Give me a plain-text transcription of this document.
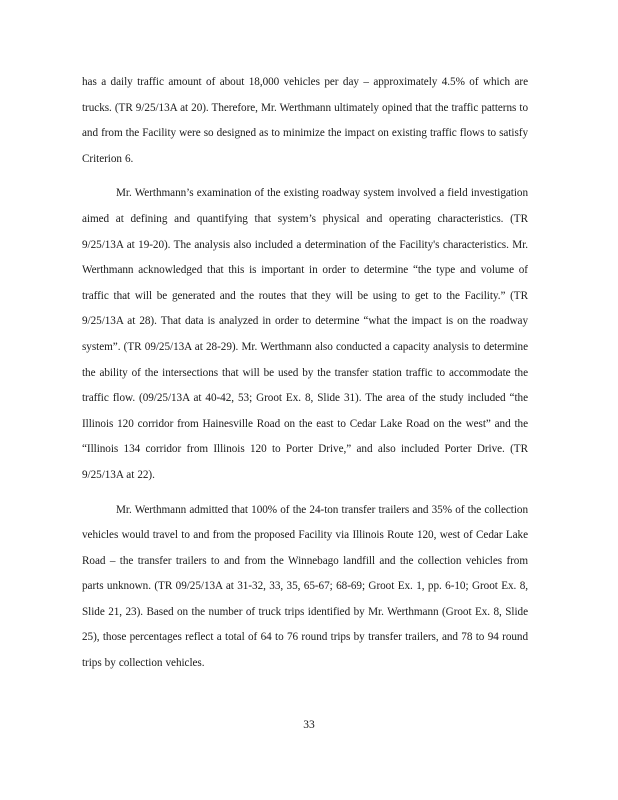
has a daily traffic amount of about 18,000 vehicles per day – approximately 4.5% of which are trucks. (TR 9/25/13A at 20). Therefore, Mr. Werthmann ultimately opined that the traffic patterns to and from the Facility were so designed as to minimize the impact on existing traffic flows to satisfy Criterion 6.

Mr. Werthmann’s examination of the existing roadway system involved a field investigation aimed at defining and quantifying that system’s physical and operating characteristics. (TR 9/25/13A at 19-20). The analysis also included a determination of the Facility's characteristics. Mr. Werthmann acknowledged that this is important in order to determine “the type and volume of traffic that will be generated and the routes that they will be using to get to the Facility.” (TR 9/25/13A at 28). That data is analyzed in order to determine “what the impact is on the roadway system”. (TR 09/25/13A at 28-29). Mr. Werthmann also conducted a capacity analysis to determine the ability of the intersections that will be used by the transfer station traffic to accommodate the traffic flow. (09/25/13A at 40-42, 53; Groot Ex. 8, Slide 31). The area of the study included “the Illinois 120 corridor from Hainesville Road on the east to Cedar Lake Road on the west” and the “Illinois 134 corridor from Illinois 120 to Porter Drive,” and also included Porter Drive. (TR 9/25/13A at 22).

Mr. Werthmann admitted that 100% of the 24-ton transfer trailers and 35% of the collection vehicles would travel to and from the proposed Facility via Illinois Route 120, west of Cedar Lake Road – the transfer trailers to and from the Winnebago landfill and the collection vehicles from parts unknown. (TR 09/25/13A at 31-32, 33, 35, 65-67; 68-69; Groot Ex. 1, pp. 6-10; Groot Ex. 8, Slide 21, 23). Based on the number of truck trips identified by Mr. Werthmann (Groot Ex. 8, Slide 25), those percentages reflect a total of 64 to 76 round trips by transfer trailers, and 78 to 94 round trips by collection vehicles.

33
